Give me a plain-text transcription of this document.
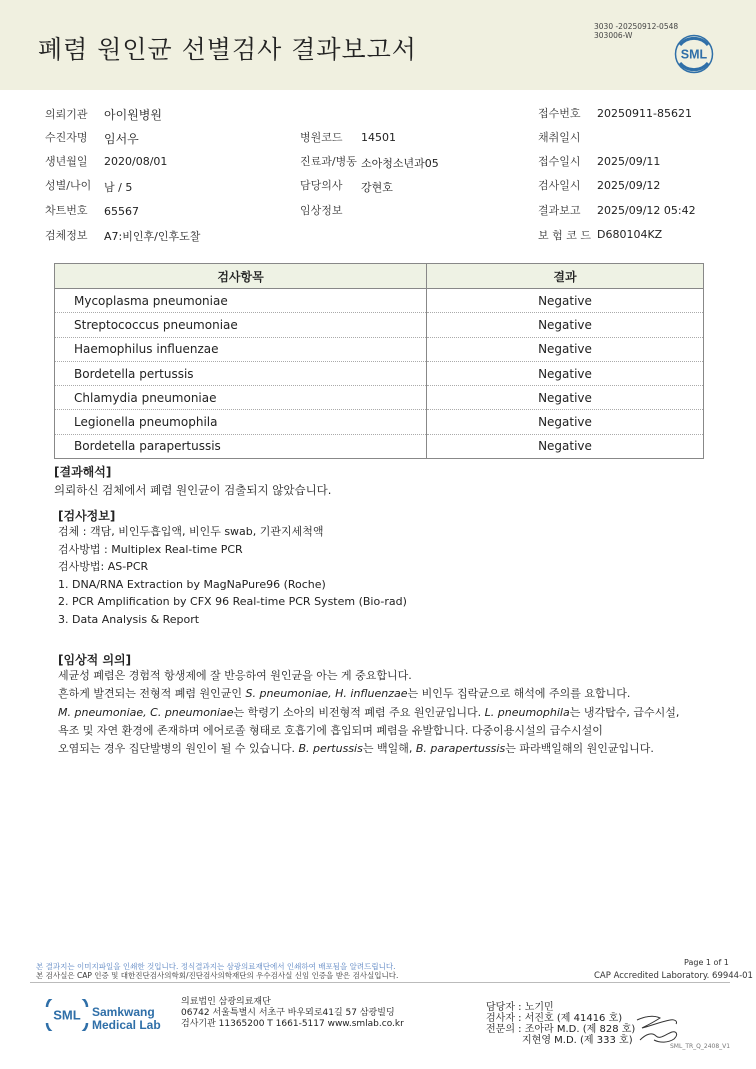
폐렴 원인균 선별검사 결과보고서
3030 -20250912-0548
303006-W
SML
의뢰기관 아이원병원
수진자명 임서우	병원코드 14501
생년월일 2020/08/01	진료과/병동 소아청소년과05
성별/나이 남 / 5	담당의사 강현호
차트번호 65567	임상정보
검체정보 A7:비인후/인후도찰
접수번호 20250911-85621
채취일시
접수일시 2025/09/11
검사일시 2025/09/12
결과보고 2025/09/12 05:42
보 험 코 드 D680104KZ
검사항목	결과
Mycoplasma pneumoniae	Negative
Streptococcus pneumoniae	Negative
Haemophilus influenzae	Negative
Bordetella pertussis	Negative
Chlamydia pneumoniae	Negative
Legionella pneumophila	Negative
Bordetella parapertussis	Negative
[결과해석]
의뢰하신 검체에서 폐렴 원인균이 검출되지 않았습니다.
[검사정보]
검체 : 객담, 비인두흡입액, 비인두 swab, 기관지세척액
검사방법 : Multiplex Real-time PCR
검사방법: AS-PCR
1. DNA/RNA Extraction by MagNaPure96 (Roche)
2. PCR Amplification by CFX 96 Real-time PCR System (Bio-rad)
3. Data Analysis & Report
[임상적 의의]
세균성 폐렴은 경험적 항생제에 잘 반응하여 원인균을 아는 게 중요합니다.
흔하게 발견되는 전형적 폐렴 원인균인 S. pneumoniae, H. influenzae는 비인두 집락균으로 해석에 주의를 요합니다.
M. pneumoniae, C. pneumoniae는 학령기 소아의 비전형적 폐렴 주요 원인균입니다. L. pneumophila는 냉각탑수, 급수시설,
욕조 및 자연 환경에 존재하며 에어로졸 형태로 호흡기에 흡입되며 폐렴을 유발합니다. 다중이용시설의 급수시설이
오염되는 경우 집단발병의 원인이 될 수 있습니다. B. pertussis는 백일해, B. parapertussis는 파라백일해의 원인균입니다.
본 결과지는 이미지파일을 인쇄한 것입니다. 정식결과지는 삼광의료재단에서 인쇄하여 배포됨을 알려드립니다.
본 검사실은 CAP 인증 및 대한진단검사의학회/진단검사의학재단의 우수검사실 신임 인증을 받은 검사실입니다.
Page 1 of 1
CAP Accredited Laboratory. 69944-01
SML Samkwang
Medical Lab
의료법인 삼광의료재단
06742 서울특별시 서초구 바우뫼로41길 57 삼광빌딩
검사기관 11365200 T 1661-5117 www.smlab.co.kr
담당자 : 노기민
검사자 : 서진호 (제 41416 호)
전문의 : 조아라 M.D. (제 828 호)
지현영 M.D. (제 333 호)
SML_TR_Q_2408_V1
